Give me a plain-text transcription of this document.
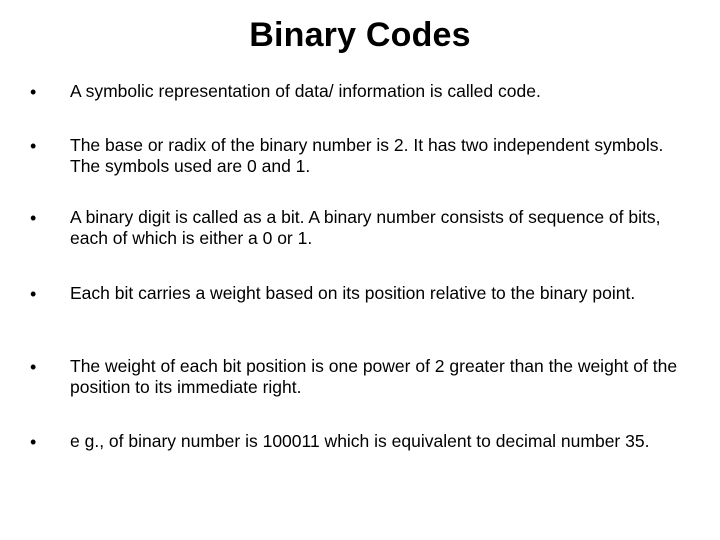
Binary Codes
•	A symbolic representation of data/ information is called code.
•	The base or radix of the binary number is 2. It has two independent symbols. The symbols used are 0 and 1.
•	A binary digit is called as a bit. A binary number consists of sequence of bits, each of which is either a 0 or 1.
•	Each bit carries a weight based on its position relative to the binary point.
•	The weight of each bit position is one power of 2 greater than the weight of the position to its immediate right.
•	e g., of binary number is 100011 which is equivalent to decimal number 35.
